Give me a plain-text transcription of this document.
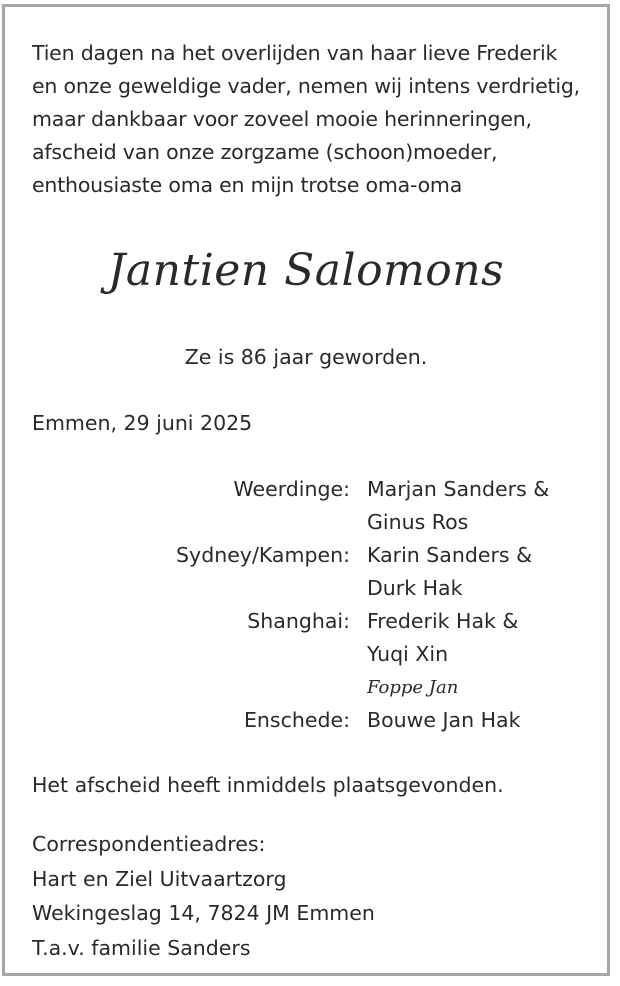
Tien dagen na het overlijden van haar lieve Frederik
en onze geweldige vader, nemen wij intens verdrietig,
maar dankbaar voor zoveel mooie herinneringen,
afscheid van onze zorgzame (schoon)moeder,
enthousiaste oma en mijn trotse oma-oma
Jantien Salomons
Ze is 86 jaar geworden.
Emmen, 29 juni 2025
Weerdinge: Marjan Sanders &
Ginus Ros
Sydney/Kampen: Karin Sanders &
Durk Hak
Shanghai: Frederik Hak &
Yuqi Xin
Foppe Jan
Enschede: Bouwe Jan Hak
Het afscheid heeft inmiddels plaatsgevonden.
Correspondentieadres:
Hart en Ziel Uitvaartzorg
Wekingeslag 14, 7824 JM Emmen
T.a.v. familie Sanders
